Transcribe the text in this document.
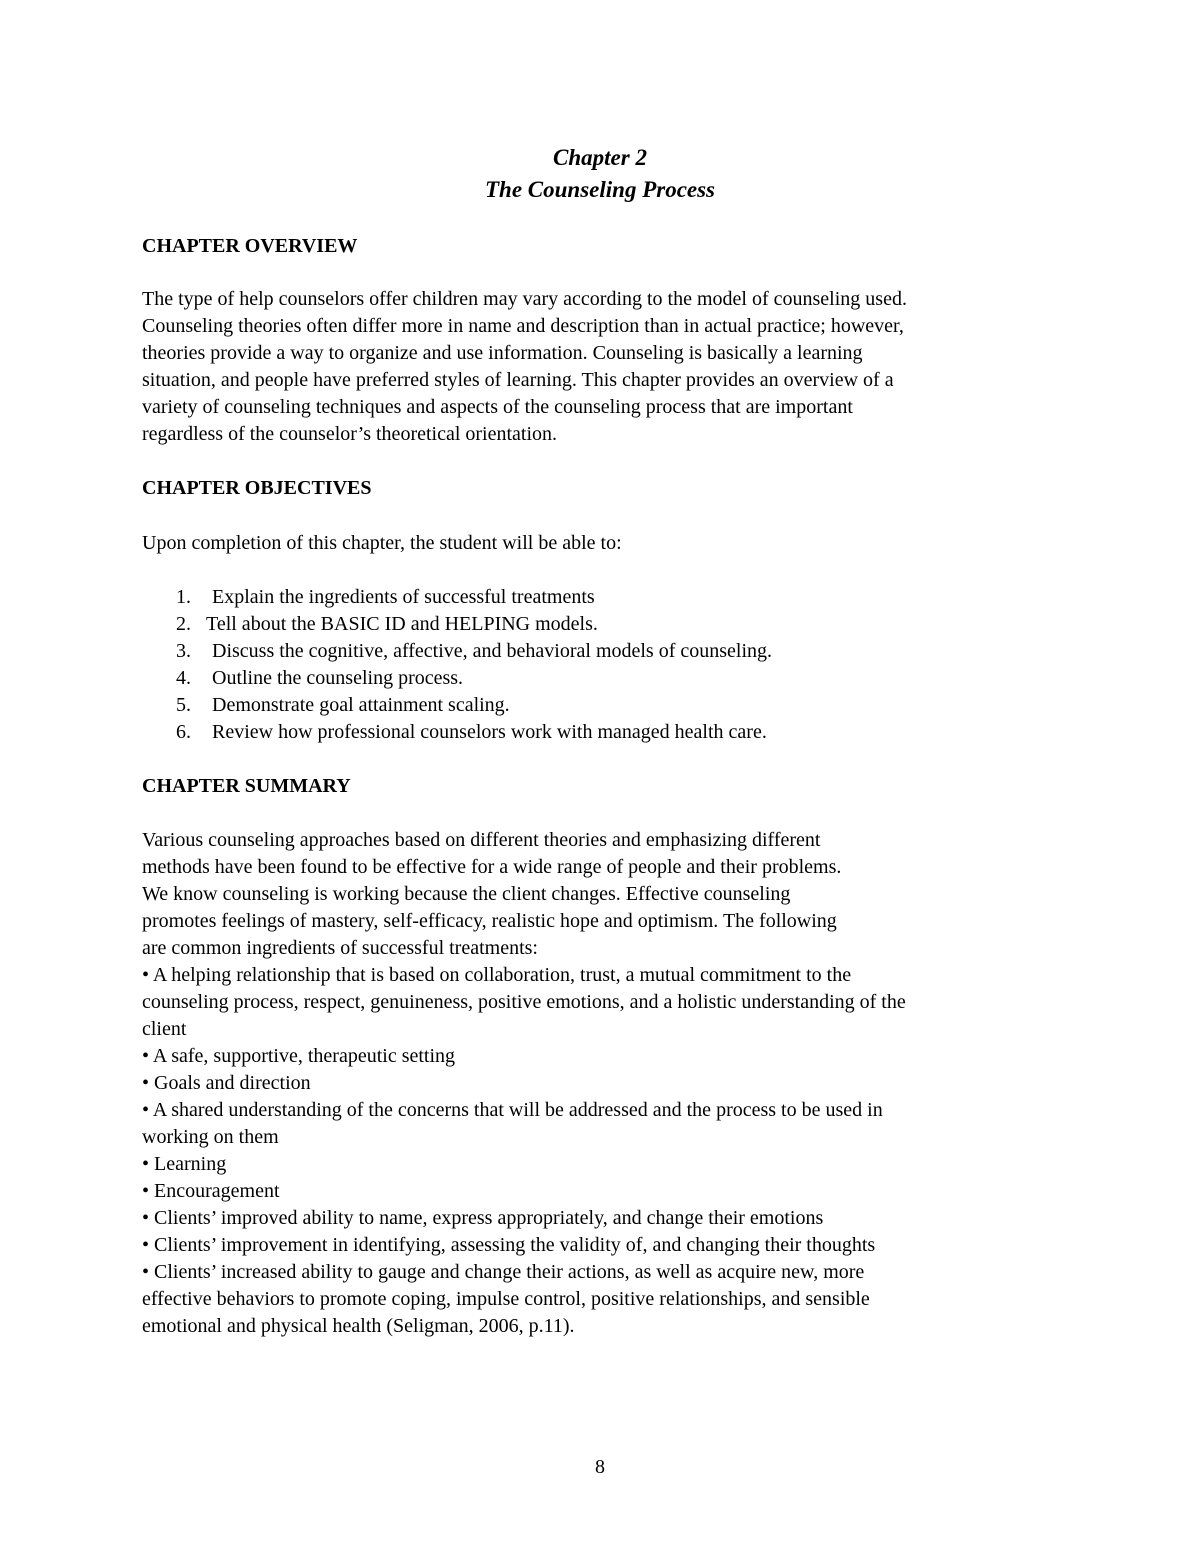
Chapter 2
The Counseling Process
CHAPTER OVERVIEW
The type of help counselors offer children may vary according to the model of counseling used.
Counseling theories often differ more in name and description than in actual practice; however,
theories provide a way to organize and use information. Counseling is basically a learning
situation, and people have preferred styles of learning. This chapter provides an overview of a
variety of counseling techniques and aspects of the counseling process that are important
regardless of the counselor’s theoretical orientation.
CHAPTER OBJECTIVES
Upon completion of this chapter, the student will be able to:
1. Explain the ingredients of successful treatments
2. Tell about the BASIC ID and HELPING models.
3. Discuss the cognitive, affective, and behavioral models of counseling.
4. Outline the counseling process.
5. Demonstrate goal attainment scaling.
6. Review how professional counselors work with managed health care.
CHAPTER SUMMARY
Various counseling approaches based on different theories and emphasizing different
methods have been found to be effective for a wide range of people and their problems.
We know counseling is working because the client changes. Effective counseling
promotes feelings of mastery, self-efficacy, realistic hope and optimism. The following
are common ingredients of successful treatments:
• A helping relationship that is based on collaboration, trust, a mutual commitment to the
counseling process, respect, genuineness, positive emotions, and a holistic understanding of the
client
• A safe, supportive, therapeutic setting
• Goals and direction
• A shared understanding of the concerns that will be addressed and the process to be used in
working on them
• Learning
• Encouragement
• Clients’ improved ability to name, express appropriately, and change their emotions
• Clients’ improvement in identifying, assessing the validity of, and changing their thoughts
• Clients’ increased ability to gauge and change their actions, as well as acquire new, more
effective behaviors to promote coping, impulse control, positive relationships, and sensible
emotional and physical health (Seligman, 2006, p.11).
8
